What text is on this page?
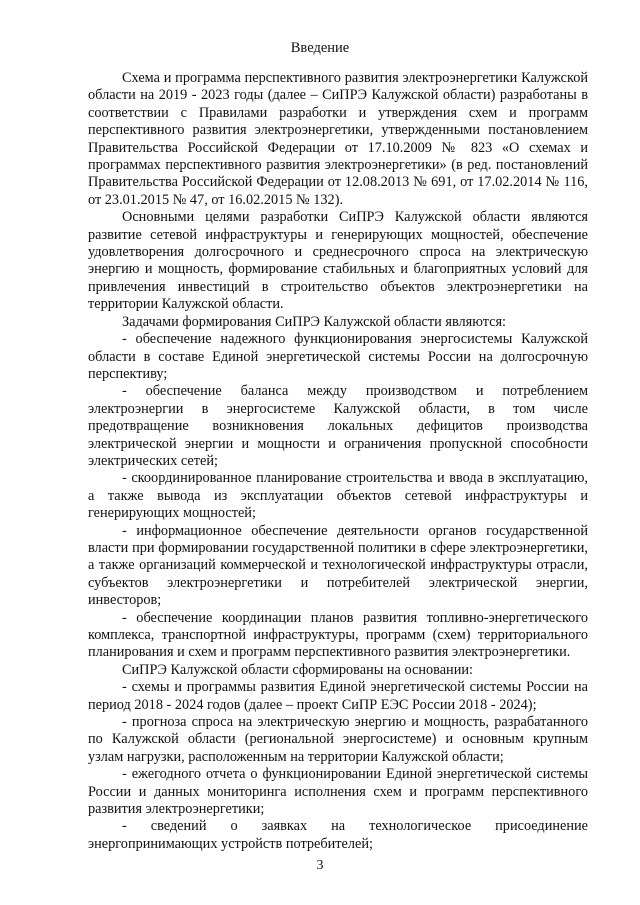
Введение

Схема и программа перспективного развития электроэнергетики Калужской области на 2019 - 2023 годы (далее – СиПРЭ Калужской области) разработаны в соответствии с Правилами разработки и утверждения схем и программ перспективного развития электроэнергетики, утвержденными постановлением Правительства Российской Федерации от 17.10.2009 № 823 «О схемах и программах перспективного развития электроэнергетики» (в ред. постановлений Правительства Российской Федерации от 12.08.2013 № 691, от 17.02.2014 № 116, от 23.01.2015 № 47, от 16.02.2015 № 132).

Основными целями разработки СиПРЭ Калужской области являются развитие сетевой инфраструктуры и генерирующих мощностей, обеспечение удовлетворения долгосрочного и среднесрочного спроса на электрическую энергию и мощность, формирование стабильных и благоприятных условий для привлечения инвестиций в строительство объектов электроэнергетики на территории Калужской области.

Задачами формирования СиПРЭ Калужской области являются:

- обеспечение надежного функционирования энергосистемы Калужской области в составе Единой энергетической системы России на долгосрочную перспективу;

- обеспечение баланса между производством и потреблением электроэнергии в энергосистеме Калужской области, в том числе предотвращение возникновения локальных дефицитов производства электрической энергии и мощности и ограничения пропускной способности электрических сетей;

- скоординированное планирование строительства и ввода в эксплуатацию, а также вывода из эксплуатации объектов сетевой инфраструктуры и генерирующих мощностей;

- информационное обеспечение деятельности органов государственной власти при формировании государственной политики в сфере электроэнергетики, а также организаций коммерческой и технологической инфраструктуры отрасли, субъектов электроэнергетики и потребителей электрической энергии, инвесторов;

- обеспечение координации планов развития топливно-энергетического комплекса, транспортной инфраструктуры, программ (схем) территориального планирования и схем и программ перспективного развития электроэнергетики.

СиПРЭ Калужской области сформированы на основании:

- схемы и программы развития Единой энергетической системы России на период 2018 - 2024 годов (далее – проект СиПР ЕЭС России 2018 - 2024);

- прогноза спроса на электрическую энергию и мощность, разрабатанного по Калужской области (региональной энергосистеме) и основным крупным узлам нагрузки, расположенным на территории Калужской области;

- ежегодного отчета о функционировании Единой энергетической системы России и данных мониторинга исполнения схем и программ перспективного развития электроэнергетики;

- сведений о заявках на технологическое присоединение энергопринимающих устройств потребителей;

3
